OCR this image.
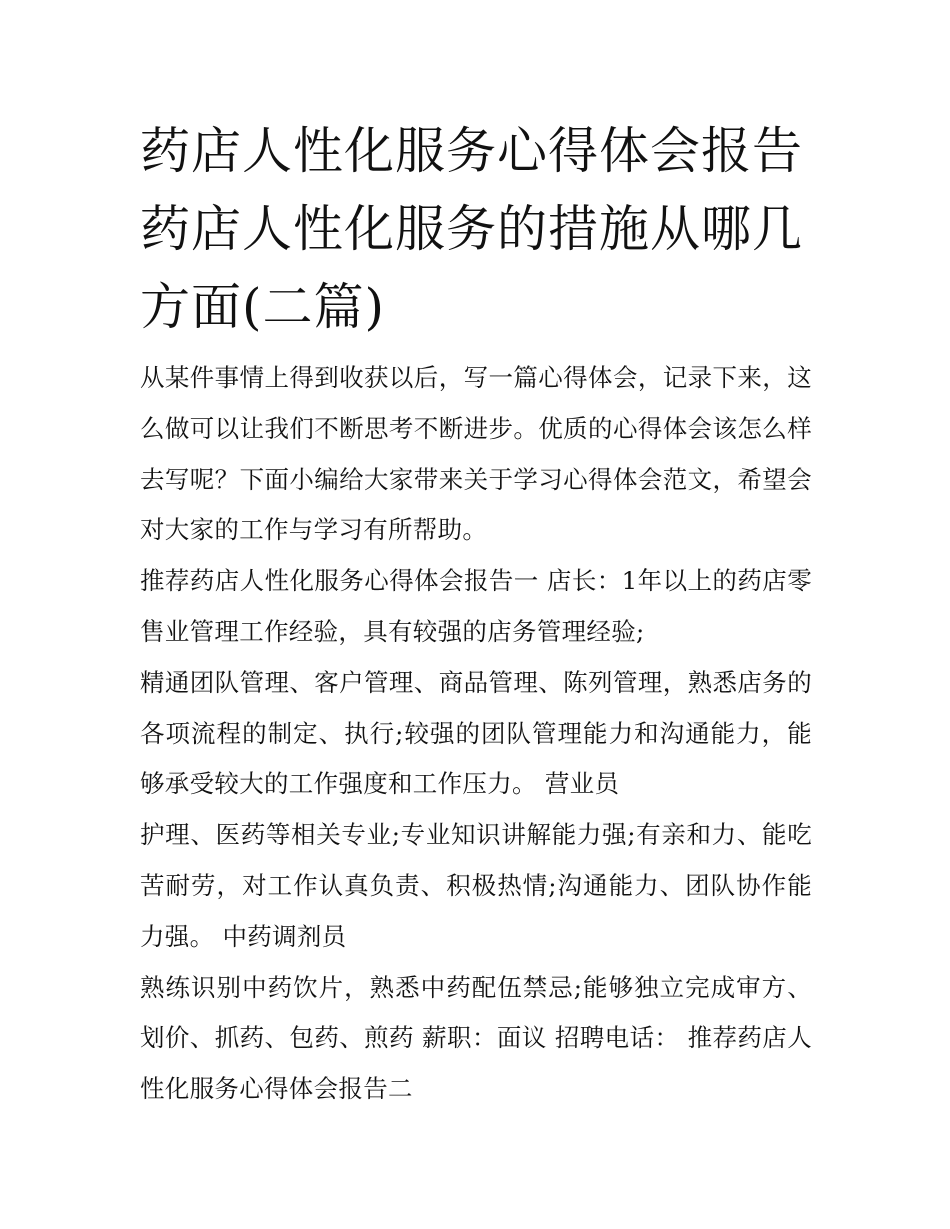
药店人性化服务心得体会报告药店人性化服务的措施从哪几方面(二篇)

从某件事情上得到收获以后，写一篇心得体会，记录下来，这么做可以让我们不断思考不断进步。优质的心得体会该怎么样去写呢？下面小编给大家带来关于学习心得体会范文，希望会对大家的工作与学习有所帮助。

推荐药店人性化服务心得体会报告一 店长：1年以上的药店零售业管理工作经验，具有较强的店务管理经验;

精通团队管理、客户管理、商品管理、陈列管理，熟悉店务的各项流程的制定、执行;较强的团队管理能力和沟通能力，能够承受较大的工作强度和工作压力。 营业员

护理、医药等相关专业;专业知识讲解能力强;有亲和力、能吃苦耐劳，对工作认真负责、积极热情;沟通能力、团队协作能力强。 中药调剂员

熟练识别中药饮片，熟悉中药配伍禁忌;能够独立完成审方、划价、抓药、包药、煎药 薪职：面议 招聘电话： 推荐药店人性化服务心得体会报告二
